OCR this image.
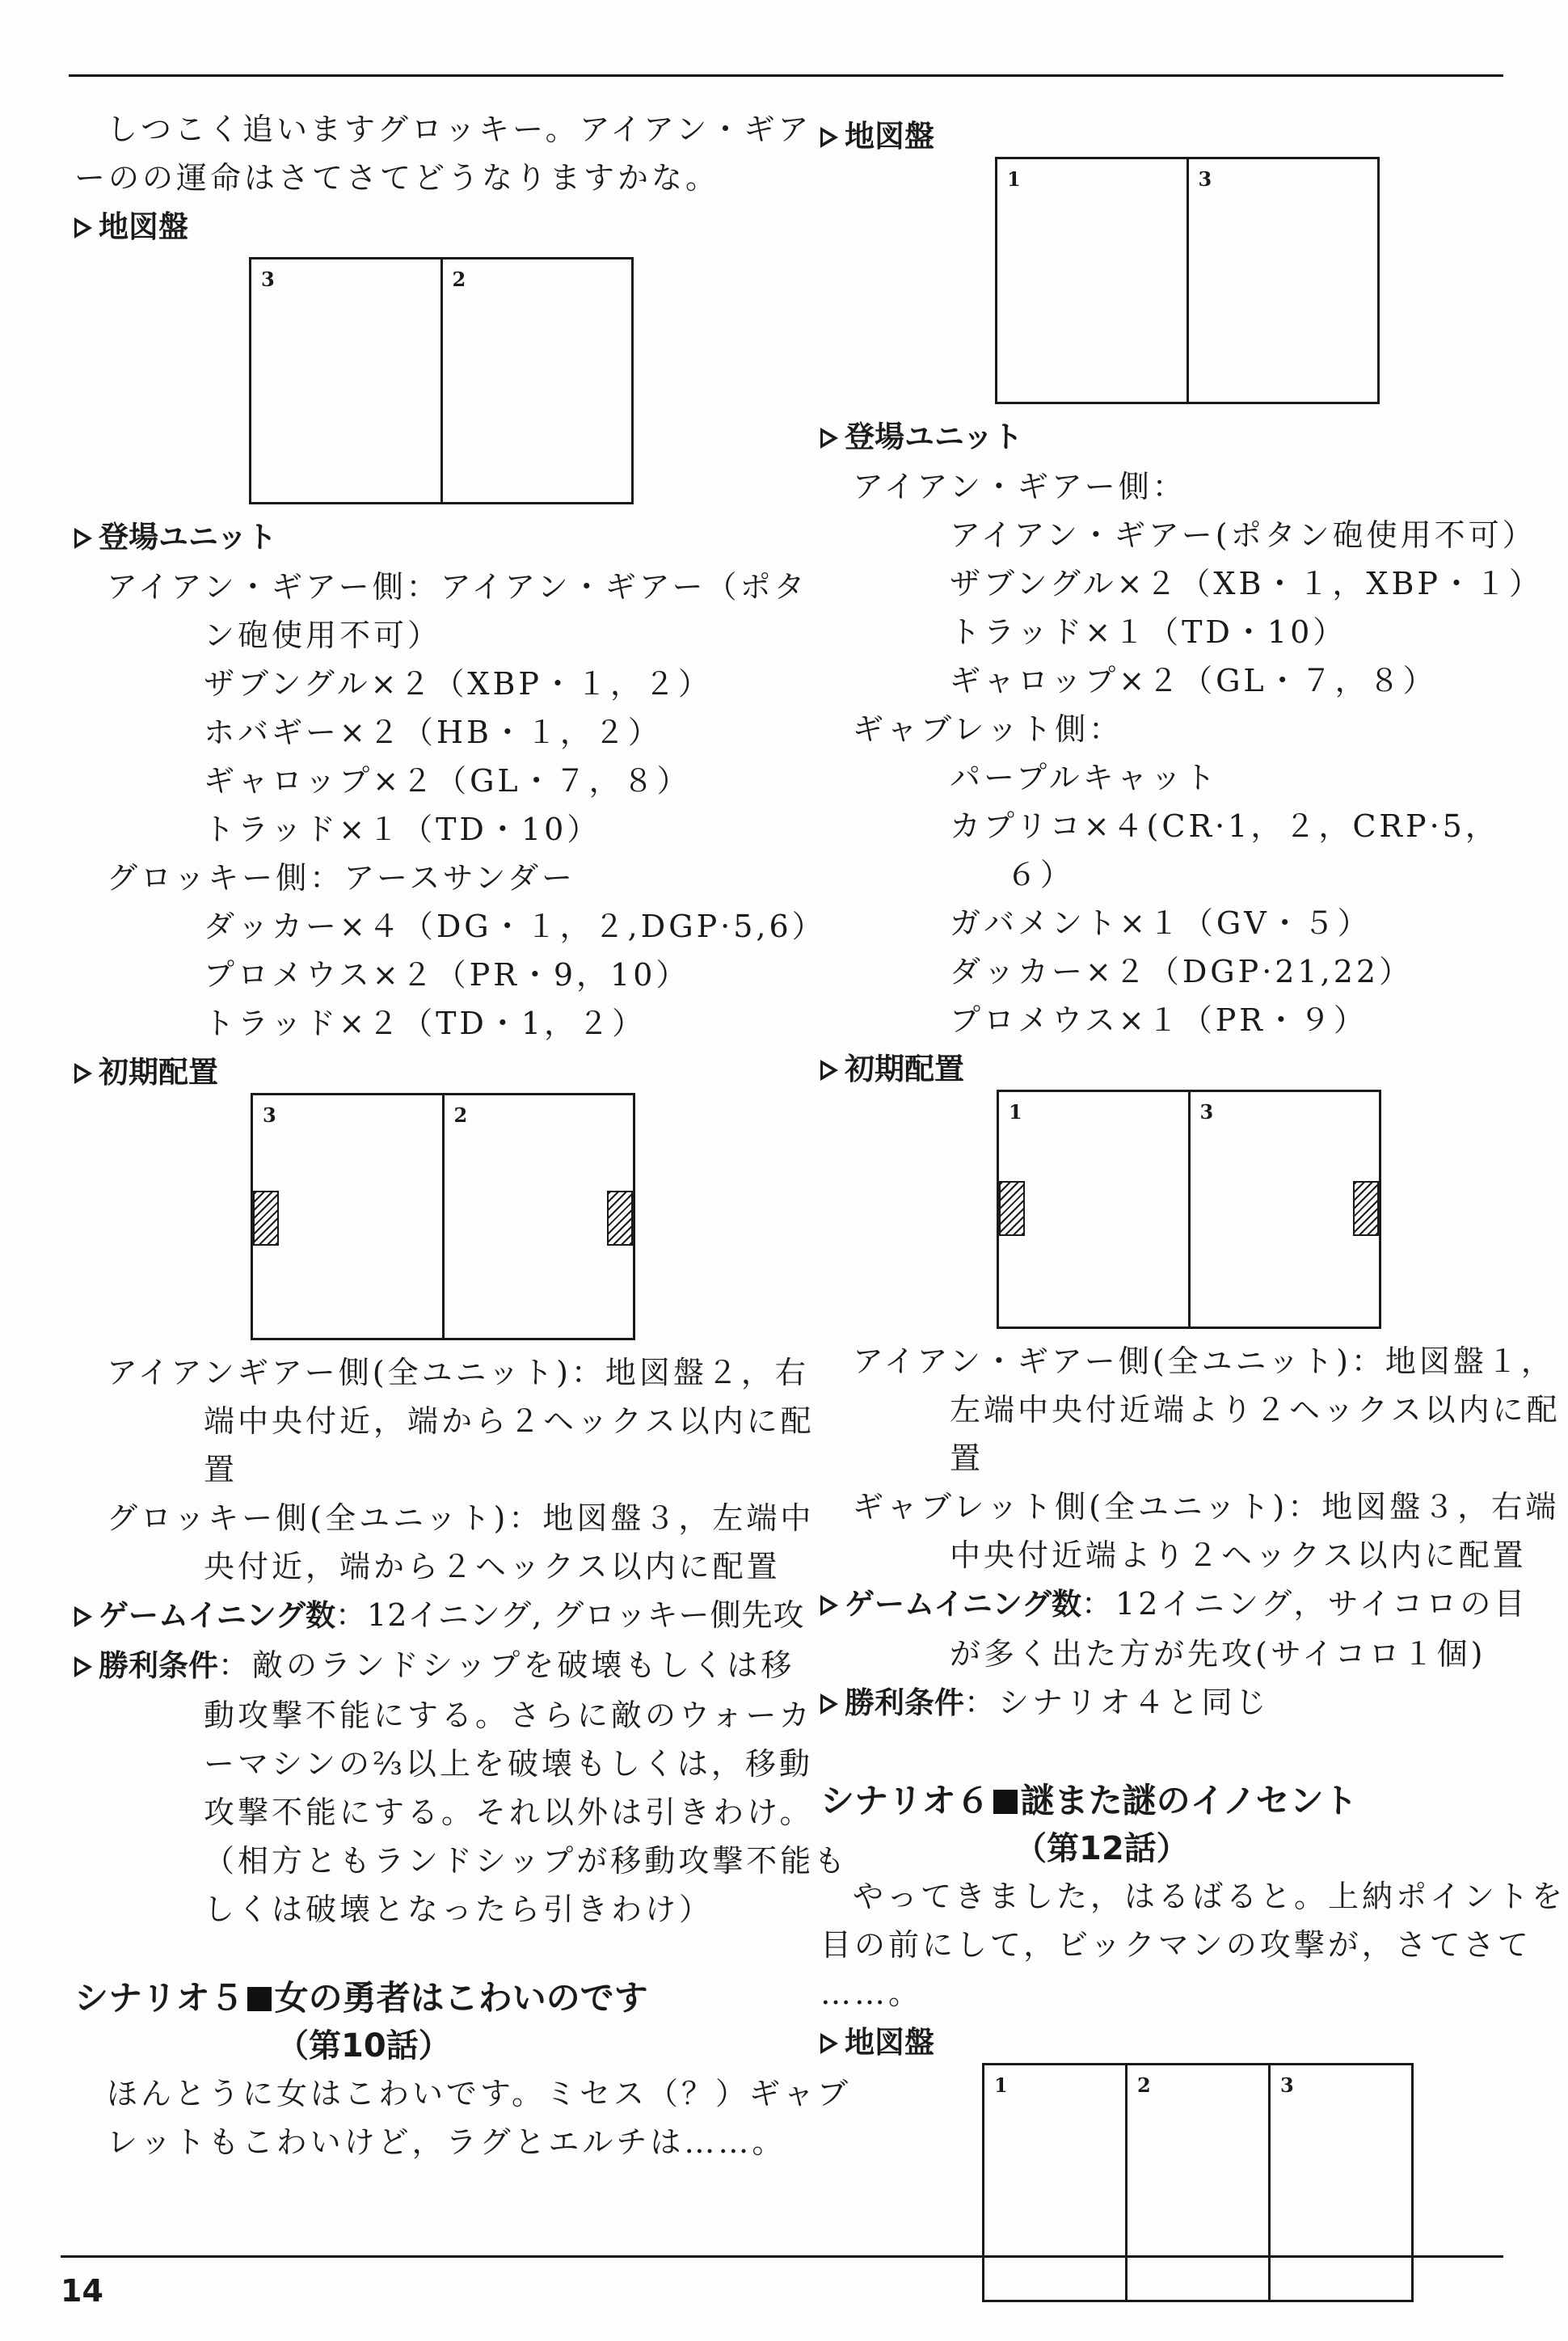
しつこく追いますグロッキー。アイアン・ギア

ーのの運命はさてさてどうなりますかな。

地図盤

3	2

登場ユニット

アイアン・ギアー側：アイアン・ギアー（ポタ

ン砲使用不可）

ザブングル×２（XBP・１，２）

ホバギー×２（HB・１，２）

ギャロップ×２（GL・７，８）

トラッド×１（TD・10）

グロッキー側：アースサンダー

ダッカー×４（DG・１，２,DGP·5,6）

プロメウス×２（PR・9，10）

トラッド×２（TD・1，２）

初期配置

3	2

アイアンギアー側(全ユニット)：地図盤２，右

端中央付近，端から２ヘックス以内に配

置

グロッキー側(全ユニット)：地図盤３，左端中

央付近，端から２ヘックス以内に配置

ゲームイニング数：12イニング, グロッキー側先攻

勝利条件：敵のランドシップを破壊もしくは移

動攻撃不能にする。さらに敵のウォーカ

ーマシンの⅔以上を破壊もしくは，移動

攻撃不能にする。それ以外は引きわけ。

（相方ともランドシップが移動攻撃不能も

しくは破壊となったら引きわけ）

シナリオ５ 女の勇者はこわいのです

（第10話）

ほんとうに女はこわいです。ミセス（？）ギャブ

レットもこわいけど，ラグとエルチは……。

地図盤

1	3

登場ユニット

アイアン・ギアー側：

アイアン・ギアー(ポタン砲使用不可）

ザブングル×２（XB・１，XBP・１）

トラッド×１（TD・10）

ギャロップ×２（GL・７，８）

ギャブレット側：

パープルキャット

カプリコ×４(CR·1，２，CRP·5，

６）

ガバメント×１（GV・５）

ダッカー×２（DGP·21,22）

プロメウス×１（PR・９）

初期配置

1	3

アイアン・ギアー側(全ユニット)：地図盤１，

左端中央付近端より２ヘックス以内に配

置

ギャブレット側(全ユニット)：地図盤３，右端

中央付近端より２ヘックス以内に配置

ゲームイニング数：12イニング，サイコロの目

が多く出た方が先攻(サイコロ１個)

勝利条件：シナリオ４と同じ

シナリオ６ 謎また謎のイノセント

（第12話）

やってきました，はるばると。上納ポイントを

目の前にして，ビックマンの攻撃が，さてさて

……。

地図盤

1	2	3
14
